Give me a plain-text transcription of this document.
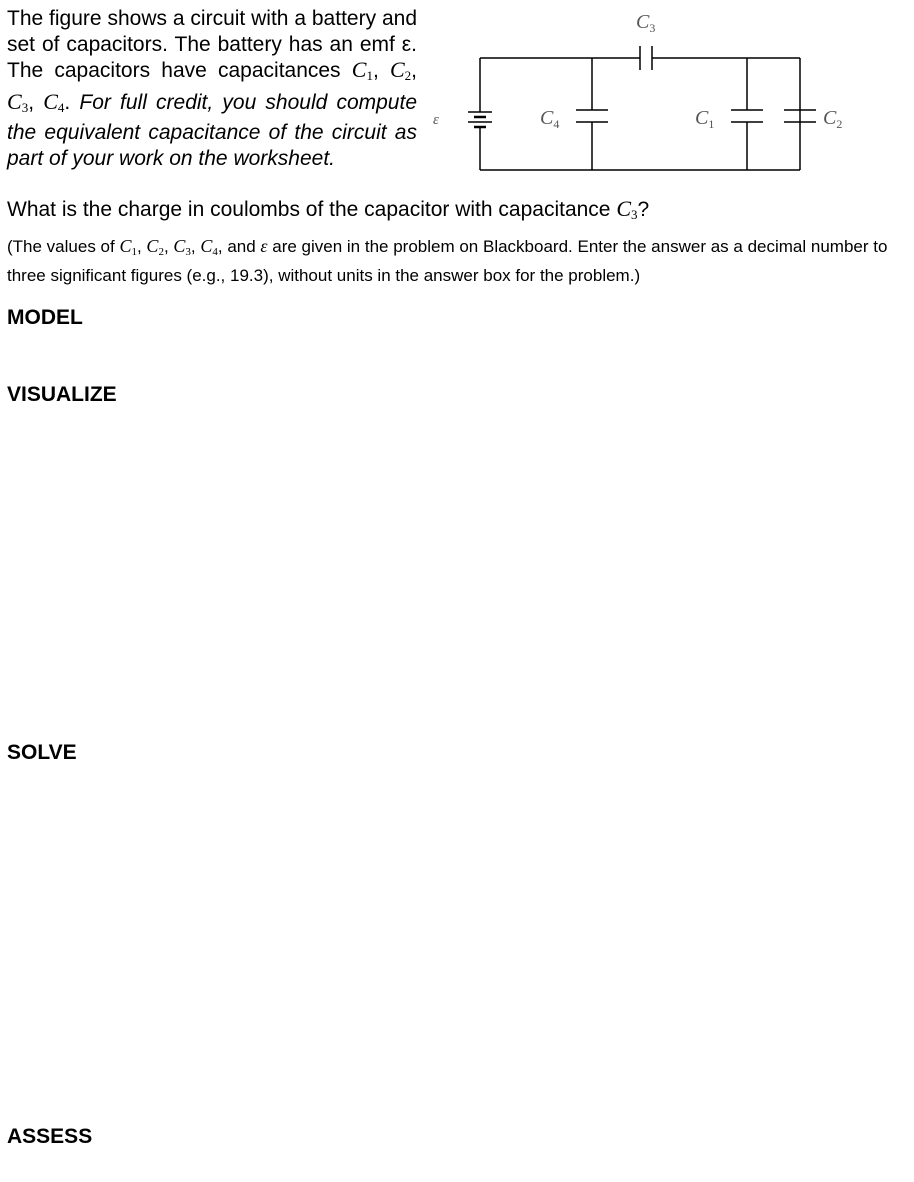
The figure shows a circuit with a battery and set of capacitors. The battery has an emf ε. The capacitors have capacitances $C_1$, $C_2$, $C_3$, $C_4$. For full credit, you should compute the equivalent capacitance of the circuit as part of your work on the worksheet.
ε	$C_4$
$C_3$
$C_1$	$C_2$
What is the charge in coulombs of the capacitor with capacitance $C_3$?
(The values of $C_1$, $C_2$, $C_3$, $C_4$, and ε are given in the problem on Blackboard. Enter the answer as a decimal number to three significant figures (e.g., 19.3), without units in the answer box for the problem.)
MODEL
VISUALIZE
SOLVE
ASSESS
